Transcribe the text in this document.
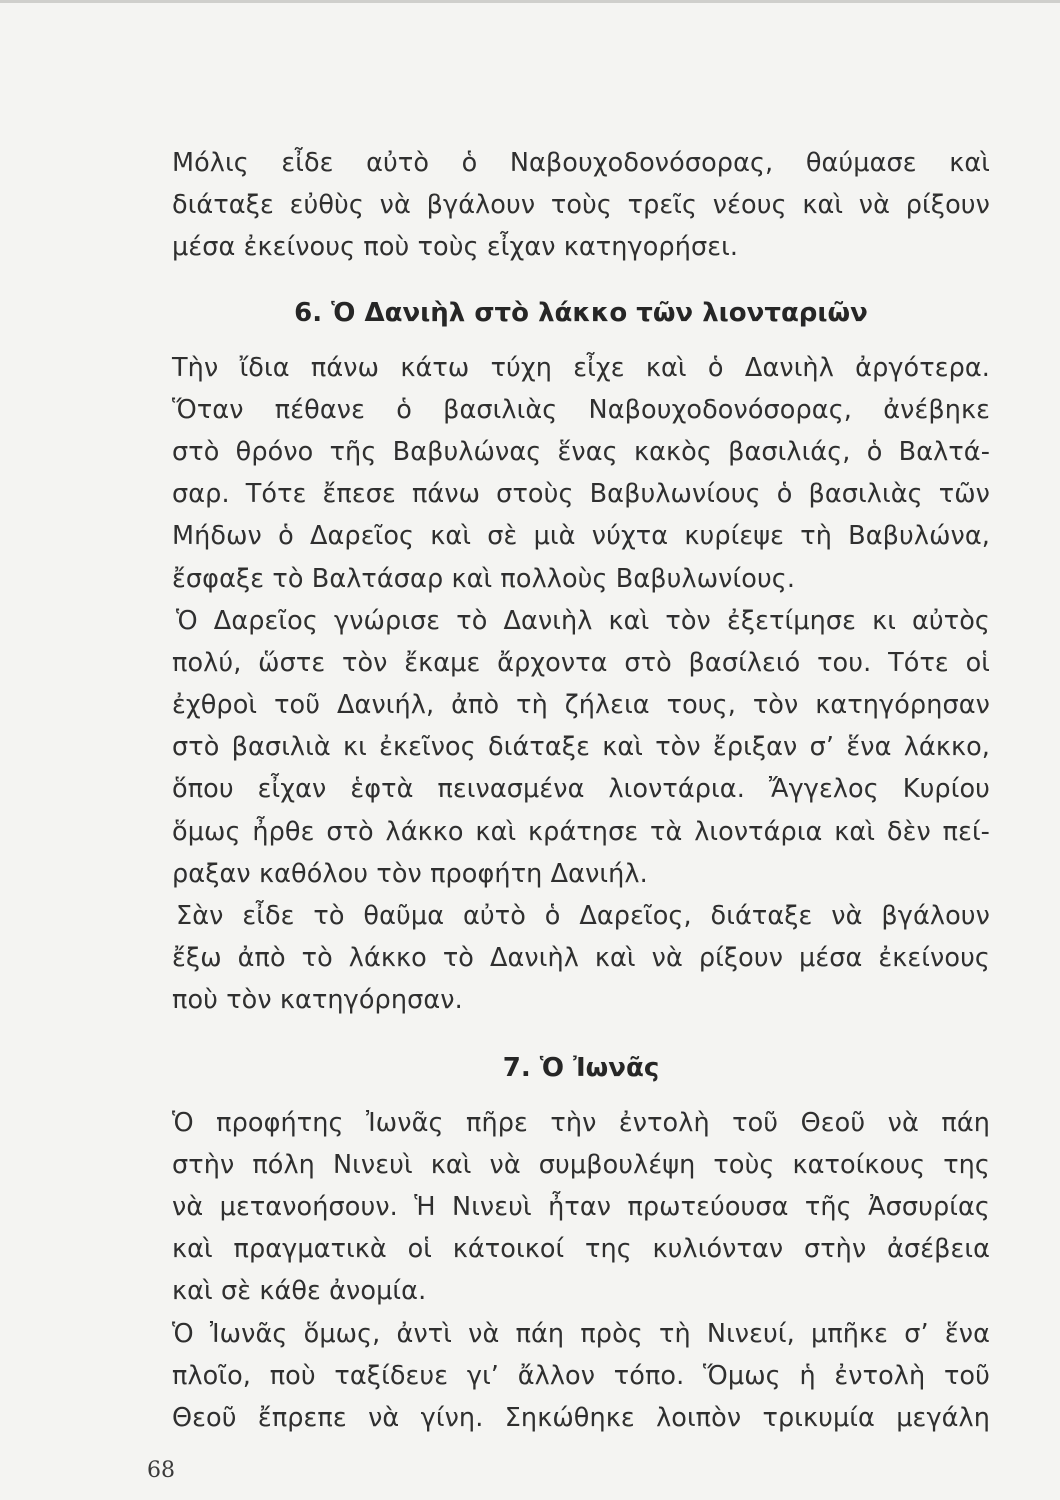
Μόλις εἶδε αὐτὸ ὁ Ναβουχοδονόσορας, θαύμασε καὶ
διάταξε εὐθὺς νὰ βγάλουν τοὺς τρεῖς νέους καὶ νὰ ρίξουν
μέσα ἐκείνους ποὺ τοὺς εἶχαν κατηγορήσει.
6. Ὁ Δανιὴλ στὸ λάκκο τῶν λιονταριῶν
Τὴν ἴδια πάνω κάτω τύχη εἶχε καὶ ὁ Δανιὴλ ἀργότερα.
Ὅταν πέθανε ὁ βασιλιὰς Ναβουχοδονόσορας, ἀνέβηκε
στὸ θρόνο τῆς Βαβυλώνας ἕνας κακὸς βασιλιάς, ὁ Βαλτά-
σαρ. Τότε ἔπεσε πάνω στοὺς Βαβυλωνίους ὁ βασιλιὰς τῶν
Μήδων ὁ Δαρεῖος καὶ σὲ μιὰ νύχτα κυρίεψε τὴ Βαβυλώνα,
ἔσφαξε τὸ Βαλτάσαρ καὶ πολλοὺς Βαβυλωνίους.
Ὁ Δαρεῖος γνώρισε τὸ Δανιὴλ καὶ τὸν ἐξετίμησε κι αὐτὸς
πολύ, ὥστε τὸν ἔκαμε ἄρχοντα στὸ βασίλειό του. Τότε οἱ
ἐχθροὶ τοῦ Δανιήλ, ἀπὸ τὴ ζήλεια τους, τὸν κατηγόρησαν
στὸ βασιλιὰ κι ἐκεῖνος διάταξε καὶ τὸν ἔριξαν σ’ ἕνα λάκκο,
ὅπου εἶχαν ἑφτὰ πεινασμένα λιοντάρια. Ἄγγελος Κυρίου
ὅμως ἦρθε στὸ λάκκο καὶ κράτησε τὰ λιοντάρια καὶ δὲν πεί-
ραξαν καθόλου τὸν προφήτη Δανιήλ.
Σὰν εἶδε τὸ θαῦμα αὐτὸ ὁ Δαρεῖος, διάταξε νὰ βγάλουν
ἔξω ἀπὸ τὸ λάκκο τὸ Δανιὴλ καὶ νὰ ρίξουν μέσα ἐκείνους
ποὺ τὸν κατηγόρησαν.
7. Ὁ Ἰωνᾶς
Ὁ προφήτης Ἰωνᾶς πῆρε τὴν ἐντολὴ τοῦ Θεοῦ νὰ πάη
στὴν πόλη Νινευὶ καὶ νὰ συμβουλέψη τοὺς κατοίκους της
νὰ μετανοήσουν. Ἡ Νινευὶ ἦταν πρωτεύουσα τῆς Ἀσσυρίας
καὶ πραγματικὰ οἱ κάτοικοί της κυλιόνταν στὴν ἀσέβεια
καὶ σὲ κάθε ἀνομία.
Ὁ Ἰωνᾶς ὅμως, ἀντὶ νὰ πάη πρὸς τὴ Νινευί, μπῆκε σ’ ἕνα
πλοῖο, ποὺ ταξίδευε γι’ ἄλλον τόπο. Ὅμως ἡ ἐντολὴ τοῦ
Θεοῦ ἔπρεπε νὰ γίνη. Σηκώθηκε λοιπὸν τρικυμία μεγάλη
68
